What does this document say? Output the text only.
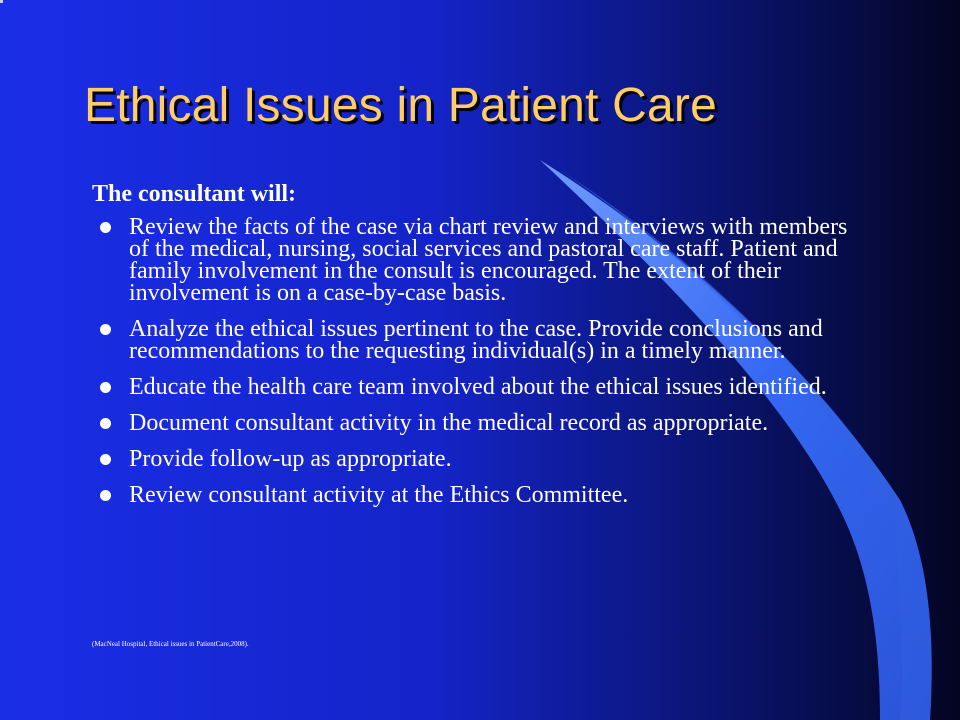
Ethical Issues in Patient Care

The consultant will:

Review the facts of the case via chart review and interviews with members of the medical, nursing, social services and pastoral care staff. Patient and family involvement in the consult is encouraged. The extent of their involvement is on a case-by-case basis.
Analyze the ethical issues pertinent to the case. Provide conclusions and recommendations to the requesting individual(s) in a timely manner.
Educate the health care team involved about the ethical issues identified.
Document consultant activity in the medical record as appropriate.
Provide follow-up as appropriate.
Review consultant activity at the Ethics Committee.

(MacNeal Hospital, Ethical issues in PatientCare,2008).
